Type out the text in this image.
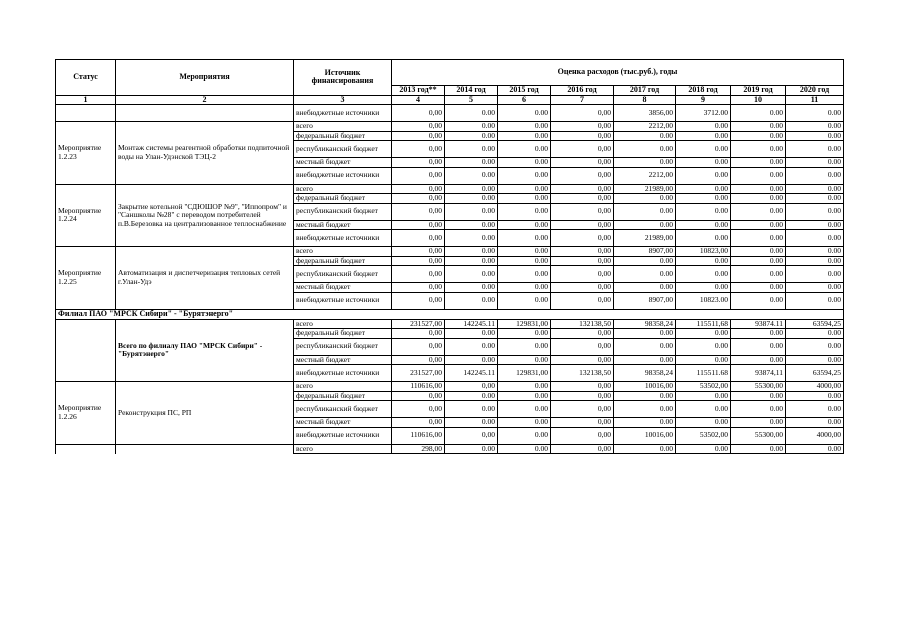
Статус	Мероприятия	Источник финансирования	Оценка расходов (тыс.руб.), годы							
			2013 год**	2014 год	2015 год	2016 год	2017 год	2018 год	2019 год	2020 год
1	2	3	4	5	6	7	8	9	10	11
		внебюджетные источники	0,00	0.00	0.00	0,00	3856,00	3712.00	0.00	0.00
Мероприятие 1.2.23	Монтаж системы реагентной обработки подпиточной воды на Улан-Удэнской ТЭЦ-2	всего	0,00	0.00	0.00	0,00	2212,00	0.00	0.00	0.00
		федеральный бюджет	0,00	0.00	0.00	0,00	0.00	0.00	0.00	0.00
		республиканский бюджет	0,00	0.00	0.00	0,00	0.00	0.00	0.00	0.00
		местный бюджет	0,00	0.00	0.00	0,00	0.00	0.00	0.00	0.00
		внебюджетные источники	0,00	0.00	0.00	0,00	2212,00	0.00	0.00	0.00
Мероприятие 1.2.24	Закрытие котельной "СДЮШОР №9", "Иппопром" и "Саншколы №28" с переводом потребителей п.В.Березовка на централизованное теплоснабжение	всего	0,00	0.00	0.00	0,00	21989,00	0.00	0.00	0.00
		федеральный бюджет	0,00	0.00	0.00	0,00	0.00	0.00	0.00	0.00
		республиканский бюджет	0,00	0.00	0.00	0,00	0.00	0.00	0.00	0.00
		местный бюджет	0,00	0.00	0.00	0,00	0.00	0.00	0.00	0.00
		внебюджетные источники	0,00	0.00	0.00	0,00	21989,00	0.00	0.00	0.00
Мероприятие 1.2.25	Автоматизация и диспетчеризация тепловых сетей г.Улан-Удэ	всего	0,00	0.00	0.00	0,00	8907,00	10823,00	0.00	0.00
		федеральный бюджет	0,00	0.00	0.00	0,00	0.00	0.00	0.00	0.00
		республиканский бюджет	0,00	0.00	0.00	0,00	0.00	0.00	0.00	0.00
		местный бюджет	0,00	0.00	0.00	0,00	0.00	0.00	0.00	0.00
		внебюджетные источники	0,00	0.00	0.00	0,00	8907,00	10823.00	0.00	0.00
Филиал ПАО "МРСК Сибири" - "Бурятэнерго"										
	Всего по филиалу ПАО "МРСК Сибири" - "Бурятэнерго"	всего	231527,00	142245.11	129831,00	132138,50	98358,24	115511,68	93874.11	63594,25
		федеральный бюджет	0,00	0.00	0.00	0,00	0.00	0.00	0.00	0.00
		республиканский бюджет	0,00	0.00	0.00	0,00	0.00	0.00	0.00	0.00
		местный бюджет	0,00	0.00	0.00	0,00	0.00	0.00	0.00	0.00
		внебюджетные источники	231527,00	142245.11	129831,00	132138,50	98358,24	115511.68	93874,11	63594,25
Мероприятие 1.2.26	Реконструкция ПС, РП	всего	110616,00	0,00	0.00	0,00	10016,00	53502,00	55300,00	4000,00
		федеральный бюджет	0,00	0.00	0.00	0,00	0.00	0.00	0.00	0.00
		республиканский бюджет	0,00	0.00	0.00	0,00	0.00	0.00	0.00	0.00
		местный бюджет	0,00	0.00	0.00	0,00	0.00	0.00	0.00	0.00
		внебюджетные источники	110616,00	0,00	0.00	0,00	10016,00	53502,00	55300,00	4000,00
		всего	298,00	0.00	0.00	0,00	0.00	0.00	0.00	0.00
